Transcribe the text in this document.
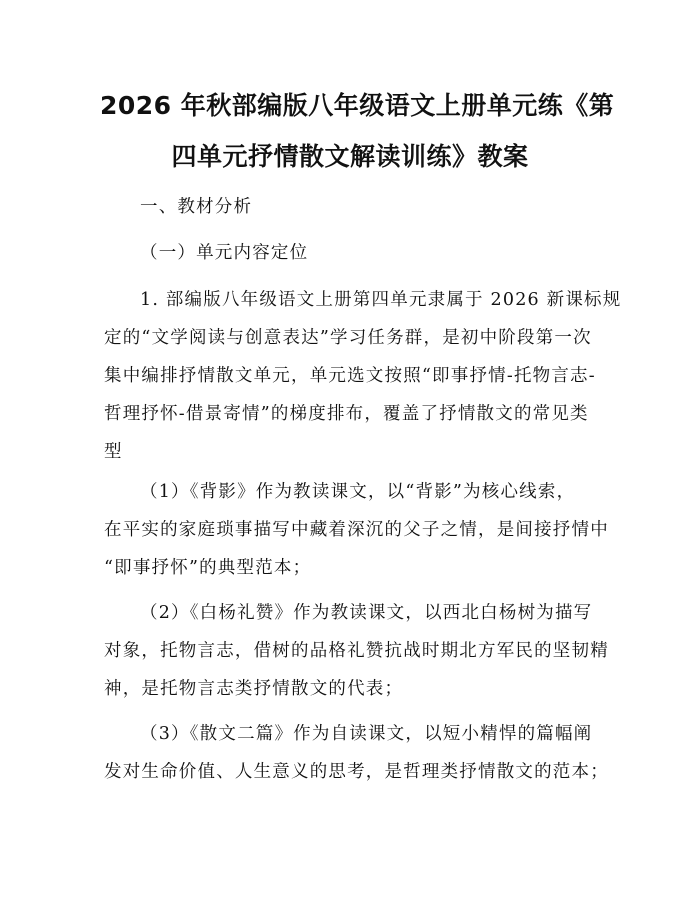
2026 年秋部编版八年级语文上册单元练《第
四单元抒情散文解读训练》教案
一、教材分析
（一）单元内容定位
1. 部编版八年级语文上册第四单元隶属于 2026 新课标规
定的“文学阅读与创意表达”学习任务群，是初中阶段第一次
集中编排抒情散文单元，单元选文按照“即事抒情-托物言志-
哲理抒怀-借景寄情”的梯度排布，覆盖了抒情散文的常见类
型
（1）《背影》作为教读课文，以“背影”为核心线索，
在平实的家庭琐事描写中藏着深沉的父子之情，是间接抒情中
“即事抒怀”的典型范本；
（2）《白杨礼赞》作为教读课文，以西北白杨树为描写
对象，托物言志，借树的品格礼赞抗战时期北方军民的坚韧精
神，是托物言志类抒情散文的代表；
（3）《散文二篇》作为自读课文，以短小精悍的篇幅阐
发对生命价值、人生意义的思考，是哲理类抒情散文的范本；
